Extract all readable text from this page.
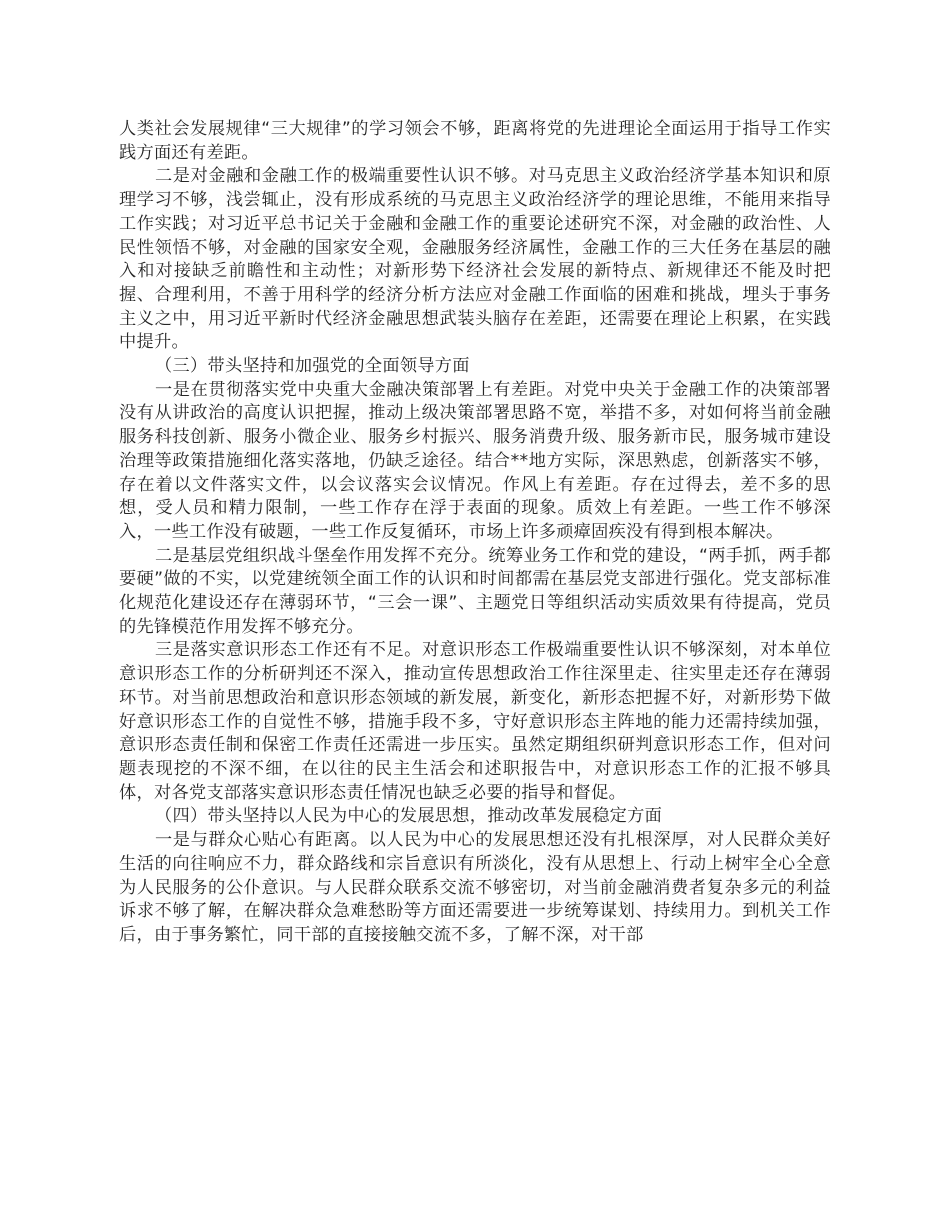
人类社会发展规律“三大规律”的学习领会不够，距离将党的先进理论全面运用于指导工作实践方面还有差距。

二是对金融和金融工作的极端重要性认识不够。对马克思主义政治经济学基本知识和原理学习不够，浅尝辄止，没有形成系统的马克思主义政治经济学的理论思维，不能用来指导工作实践；对习近平总书记关于金融和金融工作的重要论述研究不深，对金融的政治性、人民性领悟不够，对金融的国家安全观，金融服务经济属性，金融工作的三大任务在基层的融入和对接缺乏前瞻性和主动性；对新形势下经济社会发展的新特点、新规律还不能及时把握、合理利用，不善于用科学的经济分析方法应对金融工作面临的困难和挑战，埋头于事务主义之中，用习近平新时代经济金融思想武装头脑存在差距，还需要在理论上积累，在实践中提升。

（三）带头坚持和加强党的全面领导方面

一是在贯彻落实党中央重大金融决策部署上有差距。对党中央关于金融工作的决策部署没有从讲政治的高度认识把握，推动上级决策部署思路不宽，举措不多，对如何将当前金融服务科技创新、服务小微企业、服务乡村振兴、服务消费升级、服务新市民，服务城市建设治理等政策措施细化落实落地，仍缺乏途径。结合**地方实际，深思熟虑，创新落实不够，存在着以文件落实文件，以会议落实会议情况。作风上有差距。存在过得去，差不多的思想，受人员和精力限制，一些工作存在浮于表面的现象。质效上有差距。一些工作不够深入，一些工作没有破题，一些工作反复循环，市场上许多顽瘴固疾没有得到根本解决。

二是基层党组织战斗堡垒作用发挥不充分。统筹业务工作和党的建设，“两手抓，两手都要硬”做的不实，以党建统领全面工作的认识和时间都需在基层党支部进行强化。党支部标准化规范化建设还存在薄弱环节，“三会一课”、主题党日等组织活动实质效果有待提高，党员的先锋模范作用发挥不够充分。

三是落实意识形态工作还有不足。对意识形态工作极端重要性认识不够深刻，对本单位意识形态工作的分析研判还不深入，推动宣传思想政治工作往深里走、往实里走还存在薄弱环节。对当前思想政治和意识形态领域的新发展，新变化，新形态把握不好，对新形势下做好意识形态工作的自觉性不够，措施手段不多，守好意识形态主阵地的能力还需持续加强，意识形态责任制和保密工作责任还需进一步压实。虽然定期组织研判意识形态工作，但对问题表现挖的不深不细，在以往的民主生活会和述职报告中，对意识形态工作的汇报不够具体，对各党支部落实意识形态责任情况也缺乏必要的指导和督促。

（四）带头坚持以人民为中心的发展思想，推动改革发展稳定方面

一是与群众心贴心有距离。以人民为中心的发展思想还没有扎根深厚，对人民群众美好生活的向往响应不力，群众路线和宗旨意识有所淡化，没有从思想上、行动上树牢全心全意为人民服务的公仆意识。与人民群众联系交流不够密切，对当前金融消费者复杂多元的利益诉求不够了解，在解决群众急难愁盼等方面还需要进一步统筹谋划、持续用力。到机关工作后，由于事务繁忙，同干部的直接接触交流不多，了解不深，对干部
